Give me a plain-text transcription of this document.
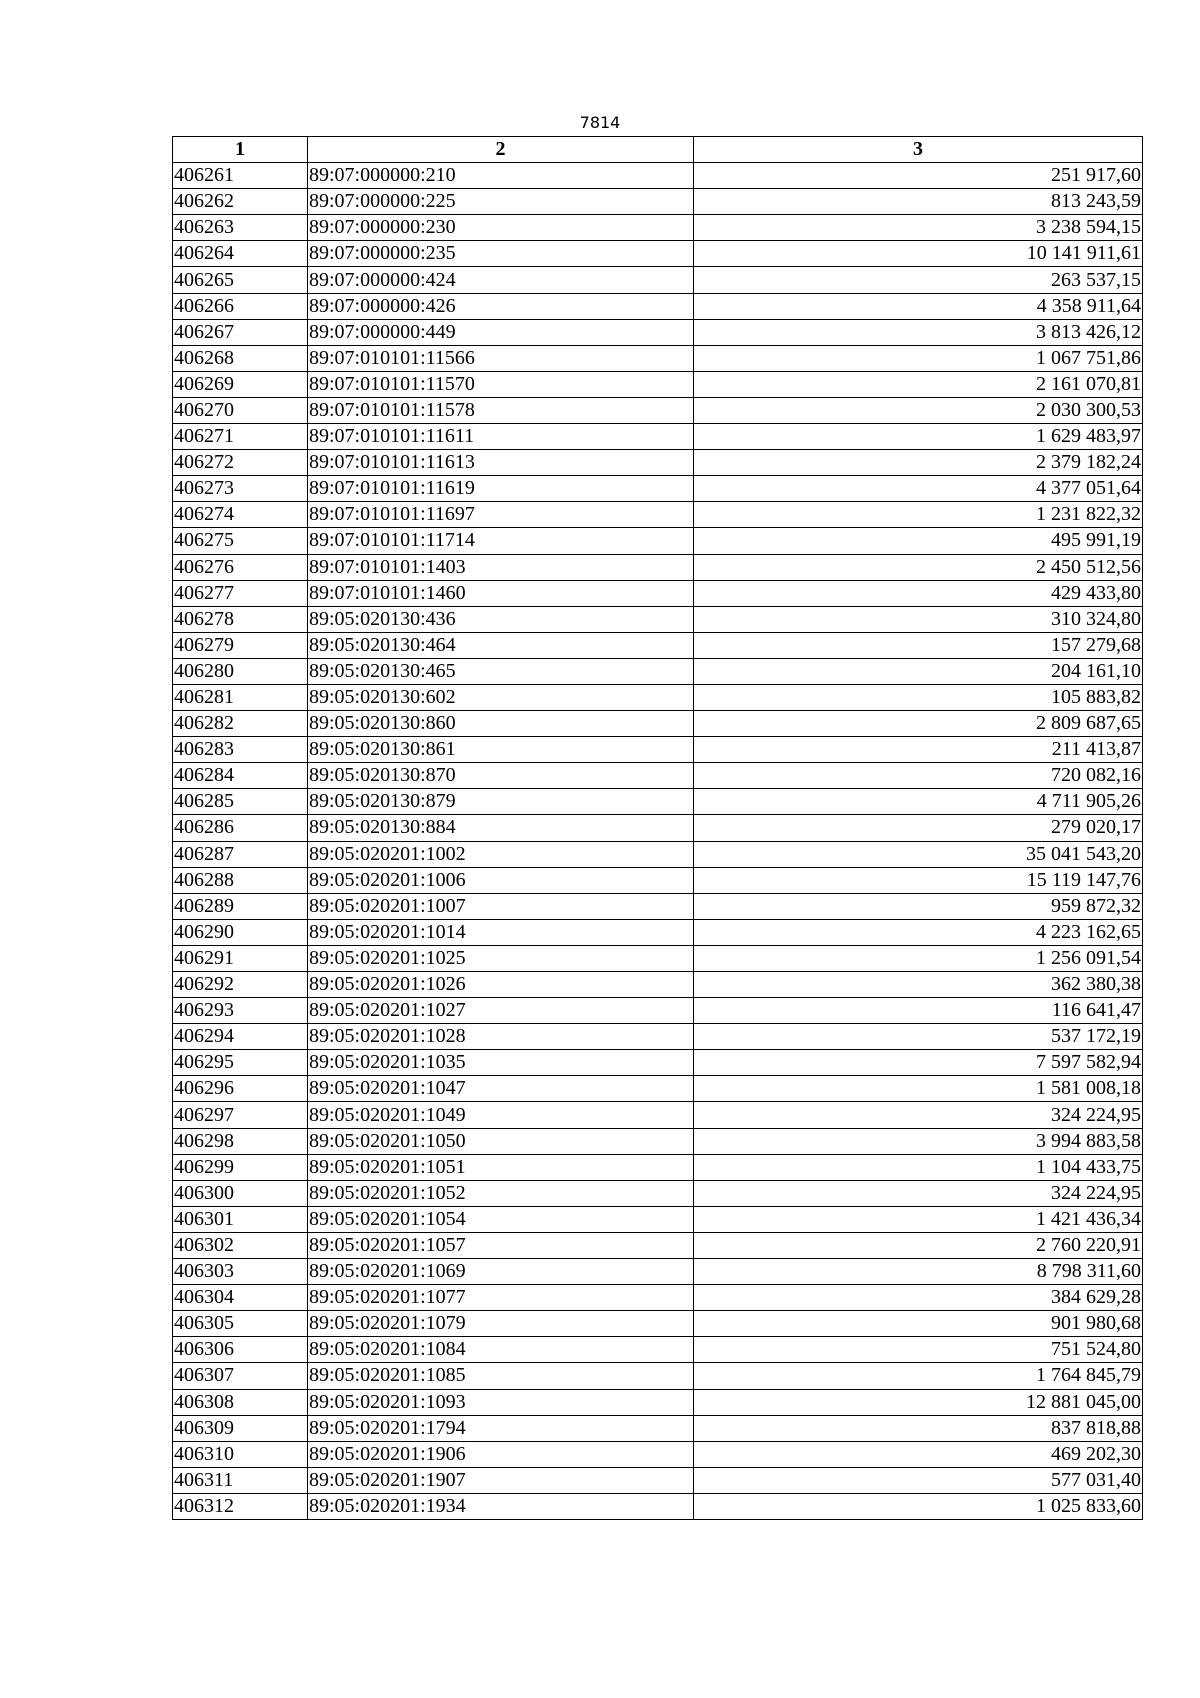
7814
1	2	3
406261	89:07:000000:210	251 917,60
406262	89:07:000000:225	813 243,59
406263	89:07:000000:230	3 238 594,15
406264	89:07:000000:235	10 141 911,61
406265	89:07:000000:424	263 537,15
406266	89:07:000000:426	4 358 911,64
406267	89:07:000000:449	3 813 426,12
406268	89:07:010101:11566	1 067 751,86
406269	89:07:010101:11570	2 161 070,81
406270	89:07:010101:11578	2 030 300,53
406271	89:07:010101:11611	1 629 483,97
406272	89:07:010101:11613	2 379 182,24
406273	89:07:010101:11619	4 377 051,64
406274	89:07:010101:11697	1 231 822,32
406275	89:07:010101:11714	495 991,19
406276	89:07:010101:1403	2 450 512,56
406277	89:07:010101:1460	429 433,80
406278	89:05:020130:436	310 324,80
406279	89:05:020130:464	157 279,68
406280	89:05:020130:465	204 161,10
406281	89:05:020130:602	105 883,82
406282	89:05:020130:860	2 809 687,65
406283	89:05:020130:861	211 413,87
406284	89:05:020130:870	720 082,16
406285	89:05:020130:879	4 711 905,26
406286	89:05:020130:884	279 020,17
406287	89:05:020201:1002	35 041 543,20
406288	89:05:020201:1006	15 119 147,76
406289	89:05:020201:1007	959 872,32
406290	89:05:020201:1014	4 223 162,65
406291	89:05:020201:1025	1 256 091,54
406292	89:05:020201:1026	362 380,38
406293	89:05:020201:1027	116 641,47
406294	89:05:020201:1028	537 172,19
406295	89:05:020201:1035	7 597 582,94
406296	89:05:020201:1047	1 581 008,18
406297	89:05:020201:1049	324 224,95
406298	89:05:020201:1050	3 994 883,58
406299	89:05:020201:1051	1 104 433,75
406300	89:05:020201:1052	324 224,95
406301	89:05:020201:1054	1 421 436,34
406302	89:05:020201:1057	2 760 220,91
406303	89:05:020201:1069	8 798 311,60
406304	89:05:020201:1077	384 629,28
406305	89:05:020201:1079	901 980,68
406306	89:05:020201:1084	751 524,80
406307	89:05:020201:1085	1 764 845,79
406308	89:05:020201:1093	12 881 045,00
406309	89:05:020201:1794	837 818,88
406310	89:05:020201:1906	469 202,30
406311	89:05:020201:1907	577 031,40
406312	89:05:020201:1934	1 025 833,60
